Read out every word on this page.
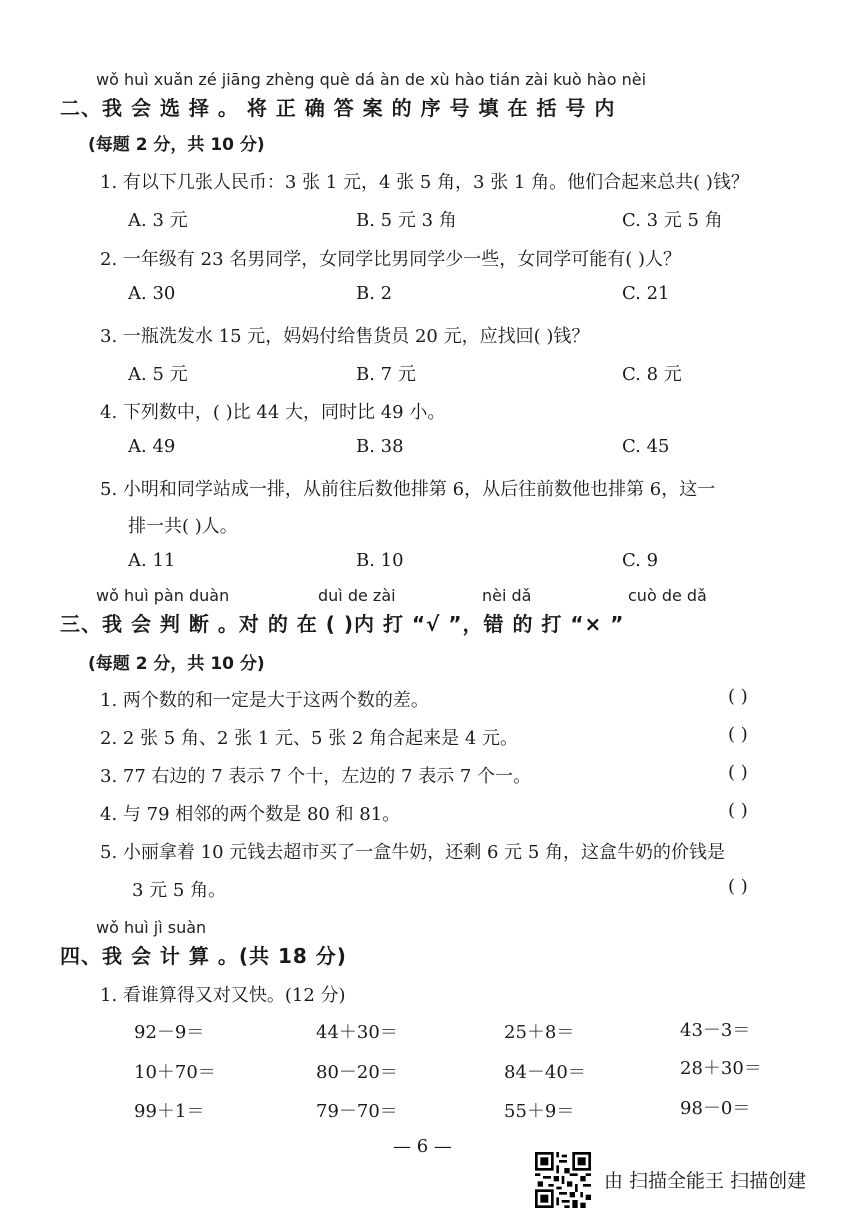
wǒ huì xuǎn zé jiāng zhèng què dá àn de xù hào tián zài kuò hào nèi
二、我 会 选 择 。 将 正 确 答 案 的 序 号 填 在 括 号 内
(每题 2 分，共 10 分)
1. 有以下几张人民币：3 张 1 元，4 张 5 角，3 张 1 角。他们合起来总共( )钱？
A. 3 元	B. 5 元 3 角	C. 3 元 5 角
2. 一年级有 23 名男同学，女同学比男同学少一些，女同学可能有( )人？
A. 30	B. 2	C. 21
3. 一瓶洗发水 15 元，妈妈付给售货员 20 元，应找回( )钱？
A. 5 元	B. 7 元	C. 8 元
4. 下列数中，( )比 44 大，同时比 49 小。
A. 49	B. 38	C. 45
5. 小明和同学站成一排，从前往后数他排第 6，从后往前数他也排第 6，这一
排一共( )人。
A. 11	B. 10	C. 9
wǒ huì pàn duàn	duì de zài	nèi dǎ	cuò de dǎ
三、我 会 判 断 。对 的 在 ( )内 打 “√ ”，错 的 打 “× ”
(每题 2 分，共 10 分)
1. 两个数的和一定是大于这两个数的差。	( )
2. 2 张 5 角、2 张 1 元、5 张 2 角合起来是 4 元。	( )
3. 77 右边的 7 表示 7 个十，左边的 7 表示 7 个一。	( )
4. 与 79 相邻的两个数是 80 和 81。	( )
5. 小丽拿着 10 元钱去超市买了一盒牛奶，还剩 6 元 5 角，这盒牛奶的价钱是
3 元 5 角。	( )
wǒ huì jì suàn
四、我 会 计 算 。(共 18 分)
1. 看谁算得又对又快。(12 分)
92－9＝	44＋30＝	25＋8＝	43－3＝
10＋70＝	80－20＝	84－40＝	28＋30＝
99＋1＝	79－70＝	55＋9＝	98－0＝
— 6 —
由 扫描全能王 扫描创建
